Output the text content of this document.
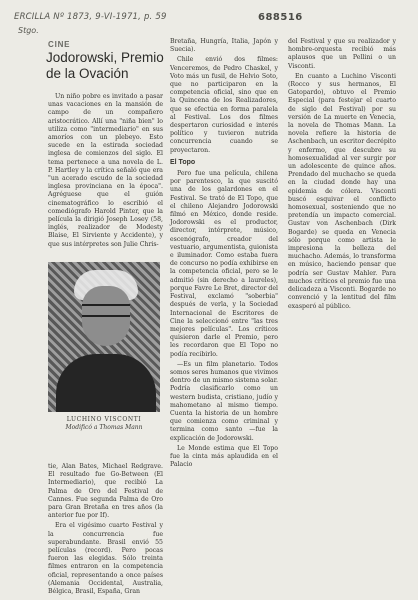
ERCILLA Nº 1873, 9-VI-1971, p. 59
Stgo.
688516
CINE
Jodorowski, Premio de la Ovación

Un niño pobre es invitado a pasar unas vacaciones en la mansión de campo de un compañero aristocrático. Allí una "niña bien" lo utiliza como "intermediario" en sus amoríos con un plebeyo. Esto sucede en la estirada sociedad inglesa de comienzos del siglo. El tema pertenece a una novela de L. P. Hartley y la crítica señaló que era "un acerado escudo de la sociedad inglesa provinciana en la época". Agréguese que el guión cinematográfico lo escribió el comediógrafo Harold Pinter, que la película la dirigió Joseph Losey (58, inglés, realizador de Modesty Blaise, El Sirviente y Accidente), y que sus intérpretes son Julie Chris-

LUCHINO VISCONTI
Modificó a Thomas Mann

tie, Alan Bates, Michael Redgrave. El resultado fue Go-Between (El Intermediario), que recibió La Palma de Oro del Festival de Cannes. Fue segunda Palma de Oro para Gran Bretaña en tres años (la anterior fue por If).

Era el vigésimo cuarto Festival y la concurrencia fue superabundante. Brasil envió 55 películas (record). Pero pocas fueron las elegidas. Sólo treinta filmes entraron en la competencia oficial, representando a once países (Alemania Occidental, Australia, Bélgica, Brasil, España, Gran

Bretaña, Hungría, Italia, Japón y Suecia).

Chile envió dos filmes: Venceremos, de Pedro Chaskel, y Voto más un fusil, de Helvio Soto, que no participaron en la competencia oficial, sino que en la Quincena de los Realizadores, que se efectúa en forma paralela al Festival. Los dos filmes despertaron curiosidad e interés político y tuvieron nutrida concurrencia cuando se proyectaron.

El Topo

Pero fue una película, chilena por parentesco, la que suscitó una de los galardones en el Festival. Se trató de El Topo, que el chileno Alejandro Jodorowski filmó en México, donde reside. Jodorowski es el productor, director, intérprete, músico, escenógrafo, creador del vestuario, argumentista, guionista e iluminador. Como estaba fuera de concurso no podía exhibirse en la competencia oficial, pero se le admitió (sin derecho a laureles), porque Favre Le Bret, director del Festival, exclamó "soberbia" después de verla, y la Sociedad Internacional de Escritores de Cine la seleccionó entre "las tres mejores películas". Los críticos quisieron darle el Premio, pero les recordaron que El Topo no podía recibirlo.

—Es un film planetario. Todos somos seres humanos que vivimos dentro de un mismo sistema solar. Podría clasificarlo como un western budista, cristiano, judío y mahometano al mismo tiempo. Cuenta la historia de un hombre que comienza como criminal y termina como santo —fue la explicación de Jodorowski.

Le Monde estima que El Topo fue la cinta más aplaudida en el Palacio

del Festival y que su realizador y hombre-orquesta recibió más aplausos que un Pellini o un Visconti.

En cuanto a Luchino Visconti (Rocco y sus hermanos, El Gatopardo), obtuvo el Premio Especial (para festejar el cuarto de siglo del Festival) por su versión de La muerte en Venecia, la novela de Thomas Mann. La novela refiere la historia de Aschenbach, un escritor decrépito y enfermo, que descubre su homosexualidad al ver surgir por un adolescente de quince años. Prendado del muchacho se queda en la ciudad donde hay una epidemia de cólera. Visconti buscó esquivar el conflicto homosexual, sosteniendo que no pretendía un impacto comercial. Gustav von Aschenbach (Dirk Bogarde) se queda en Venecia sólo porque como artista le impresiona la belleza del muchacho. Además, lo transforma en músico, haciendo pensar que podría ser Gustav Mahler. Para muchos críticos el premio fue una delicadeza a Visconti. Bogarde no convenció y la lentitud del film exasperó al público.
